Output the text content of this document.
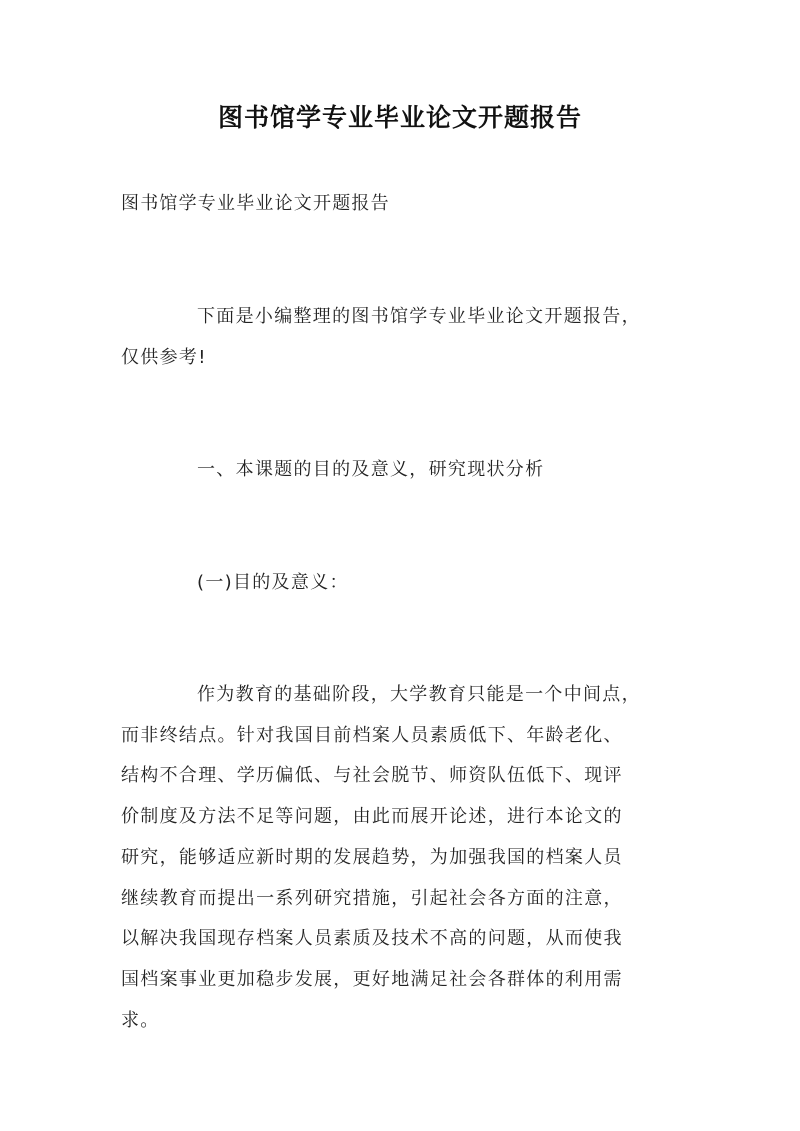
图书馆学专业毕业论文开题报告

图书馆学专业毕业论文开题报告

下面是小编整理的图书馆学专业毕业论文开题报告，
仅供参考!

一、本课题的目的及意义，研究现状分析

(一)目的及意义：

作为教育的基础阶段，大学教育只能是一个中间点，
而非终结点。针对我国目前档案人员素质低下、年龄老化、
结构不合理、学历偏低、与社会脱节、师资队伍低下、现评
价制度及方法不足等问题，由此而展开论述，进行本论文的
研究，能够适应新时期的发展趋势，为加强我国的档案人员
继续教育而提出一系列研究措施，引起社会各方面的注意，
以解决我国现存档案人员素质及技术不高的问题，从而使我
国档案事业更加稳步发展，更好地满足社会各群体的利用需
求。
